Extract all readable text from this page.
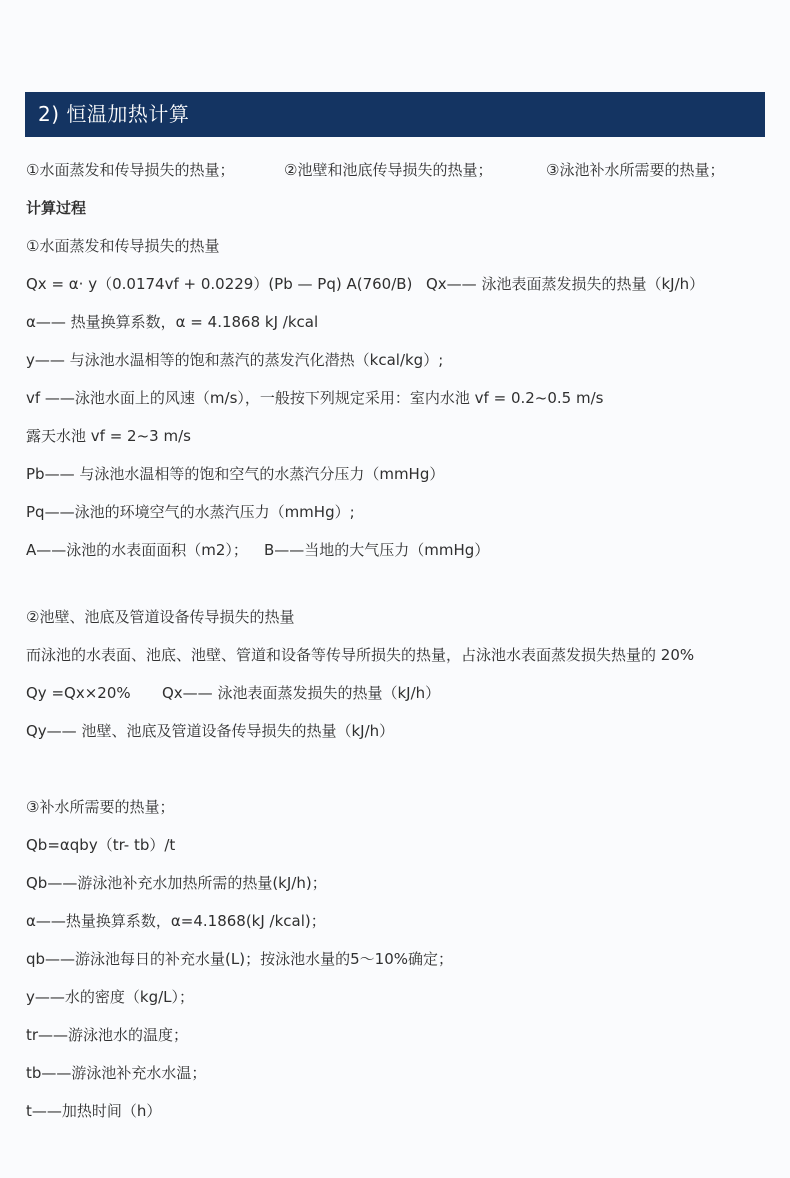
2) 恒温加热计算
①水面蒸发和传导损失的热量；	②池壁和池底传导损失的热量；	③泳池补水所需要的热量；
计算过程
①水面蒸发和传导损失的热量
Qx = α· y（0.0174vf + 0.0229）(Pb — Pq) A(760/B) Qx—— 泳池表面蒸发损失的热量（kJ/h）
α—— 热量换算系数，α = 4.1868 kJ /kcal
y—— 与泳池水温相等的饱和蒸汽的蒸发汽化潜热（kcal/kg）;
vf ——泳池水面上的风速（m/s），一般按下列规定采用：室内水池 vf = 0.2~0.5 m/s
露天水池 vf = 2~3 m/s
Pb—— 与泳池水温相等的饱和空气的水蒸汽分压力（mmHg）
Pq——泳池的环境空气的水蒸汽压力（mmHg）;
A——泳池的水表面面积（m2）； B——当地的大气压力（mmHg）
②池壁、池底及管道设备传导损失的热量
而泳池的水表面、池底、池壁、管道和设备等传导所损失的热量，占泳池水表面蒸发损失热量的 20%
Qy =Qx×20% Qx—— 泳池表面蒸发损失的热量（kJ/h）
Qy—— 池壁、池底及管道设备传导损失的热量（kJ/h）
③补水所需要的热量；
Qb=αqby（tr- tb）/t
Qb——游泳池补充水加热所需的热量(kJ/h)；
α——热量换算系数，α=4.1868(kJ /kcal)；
qb——游泳池每日的补充水量(L)；按泳池水量的5～10%确定；
y——水的密度（kg/L）；
tr——游泳池水的温度；
tb——游泳池补充水水温；
t——加热时间（h）
